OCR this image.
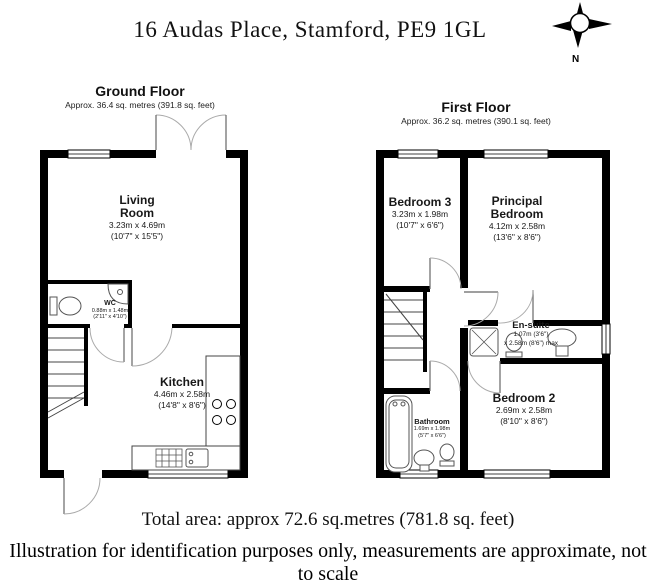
N
16 Audas Place, Stamford, PE9 1GL
Ground Floor
Approx. 36.4 sq. metres (391.8 sq. feet)	First Floor
Approx. 36.2 sq. metres (390.1 sq. feet)
Living Room
3.23m x 4.69m
(10'7" x 15'5")
WC
0.88m x 1.48m
(2'11" x 4'10")
Kitchen
4.46m x 2.58m
(14'8" x 8'6")
Bedroom 3
3.23m x 1.98m
(10'7" x 6'6")
Principal Bedroom
4.12m x 2.58m
(13'6" x 8'6")
En-suite
1.07m (3'6")
x 2.58m (8'6") max
Bedroom 2
2.69m x 2.58m
(8'10" x 8'6")
Bathroom
1.69m x 1.98m
(5'7" x 6'6")
Total area: approx 72.6 sq.metres (781.8 sq. feet)
Illustration for identification purposes only, measurements are approximate, not to scale
